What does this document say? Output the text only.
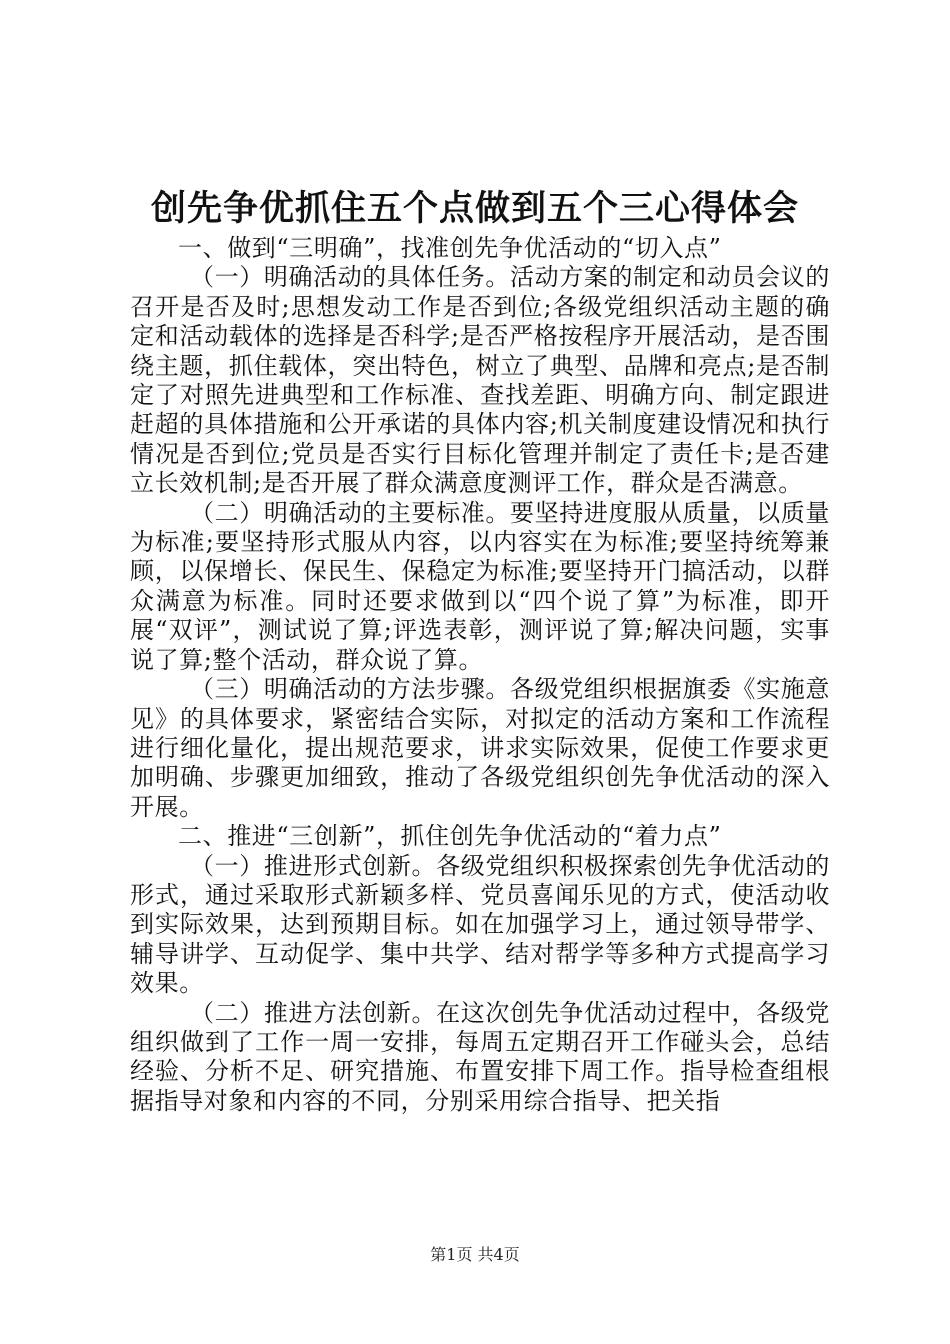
创先争优抓住五个点做到五个三心得体会

一、做到“三明确”，找准创先争优活动的“切入点”

（一）明确活动的具体任务。活动方案的制定和动员会议的召开是否及时;思想发动工作是否到位;各级党组织活动主题的确定和活动载体的选择是否科学;是否严格按程序开展活动，是否围绕主题，抓住载体，突出特色，树立了典型、品牌和亮点;是否制定了对照先进典型和工作标准、查找差距、明确方向、制定跟进赶超的具体措施和公开承诺的具体内容;机关制度建设情况和执行情况是否到位;党员是否实行目标化管理并制定了责任卡;是否建立长效机制;是否开展了群众满意度测评工作，群众是否满意。

（二）明确活动的主要标准。要坚持进度服从质量，以质量为标准;要坚持形式服从内容，以内容实在为标准;要坚持统筹兼顾，以保增长、保民生、保稳定为标准;要坚持开门搞活动，以群众满意为标准。同时还要求做到以“四个说了算”为标准，即开展“双评”，测试说了算;评选表彰，测评说了算;解决问题，实事说了算;整个活动，群众说了算。

（三）明确活动的方法步骤。各级党组织根据旗委《实施意见》的具体要求，紧密结合实际，对拟定的活动方案和工作流程进行细化量化，提出规范要求，讲求实际效果，促使工作要求更加明确、步骤更加细致，推动了各级党组织创先争优活动的深入开展。

二、推进“三创新”，抓住创先争优活动的“着力点”

（一）推进形式创新。各级党组织积极探索创先争优活动的形式，通过采取形式新颖多样、党员喜闻乐见的方式，使活动收到实际效果，达到预期目标。如在加强学习上，通过领导带学、辅导讲学、互动促学、集中共学、结对帮学等多种方式提高学习效果。

（二）推进方法创新。在这次创先争优活动过程中，各级党组织做到了工作一周一安排，每周五定期召开工作碰头会，总结经验、分析不足、研究措施、布置安排下周工作。指导检查组根据指导对象和内容的不同，分别采用综合指导、把关指

第1页 共4页
